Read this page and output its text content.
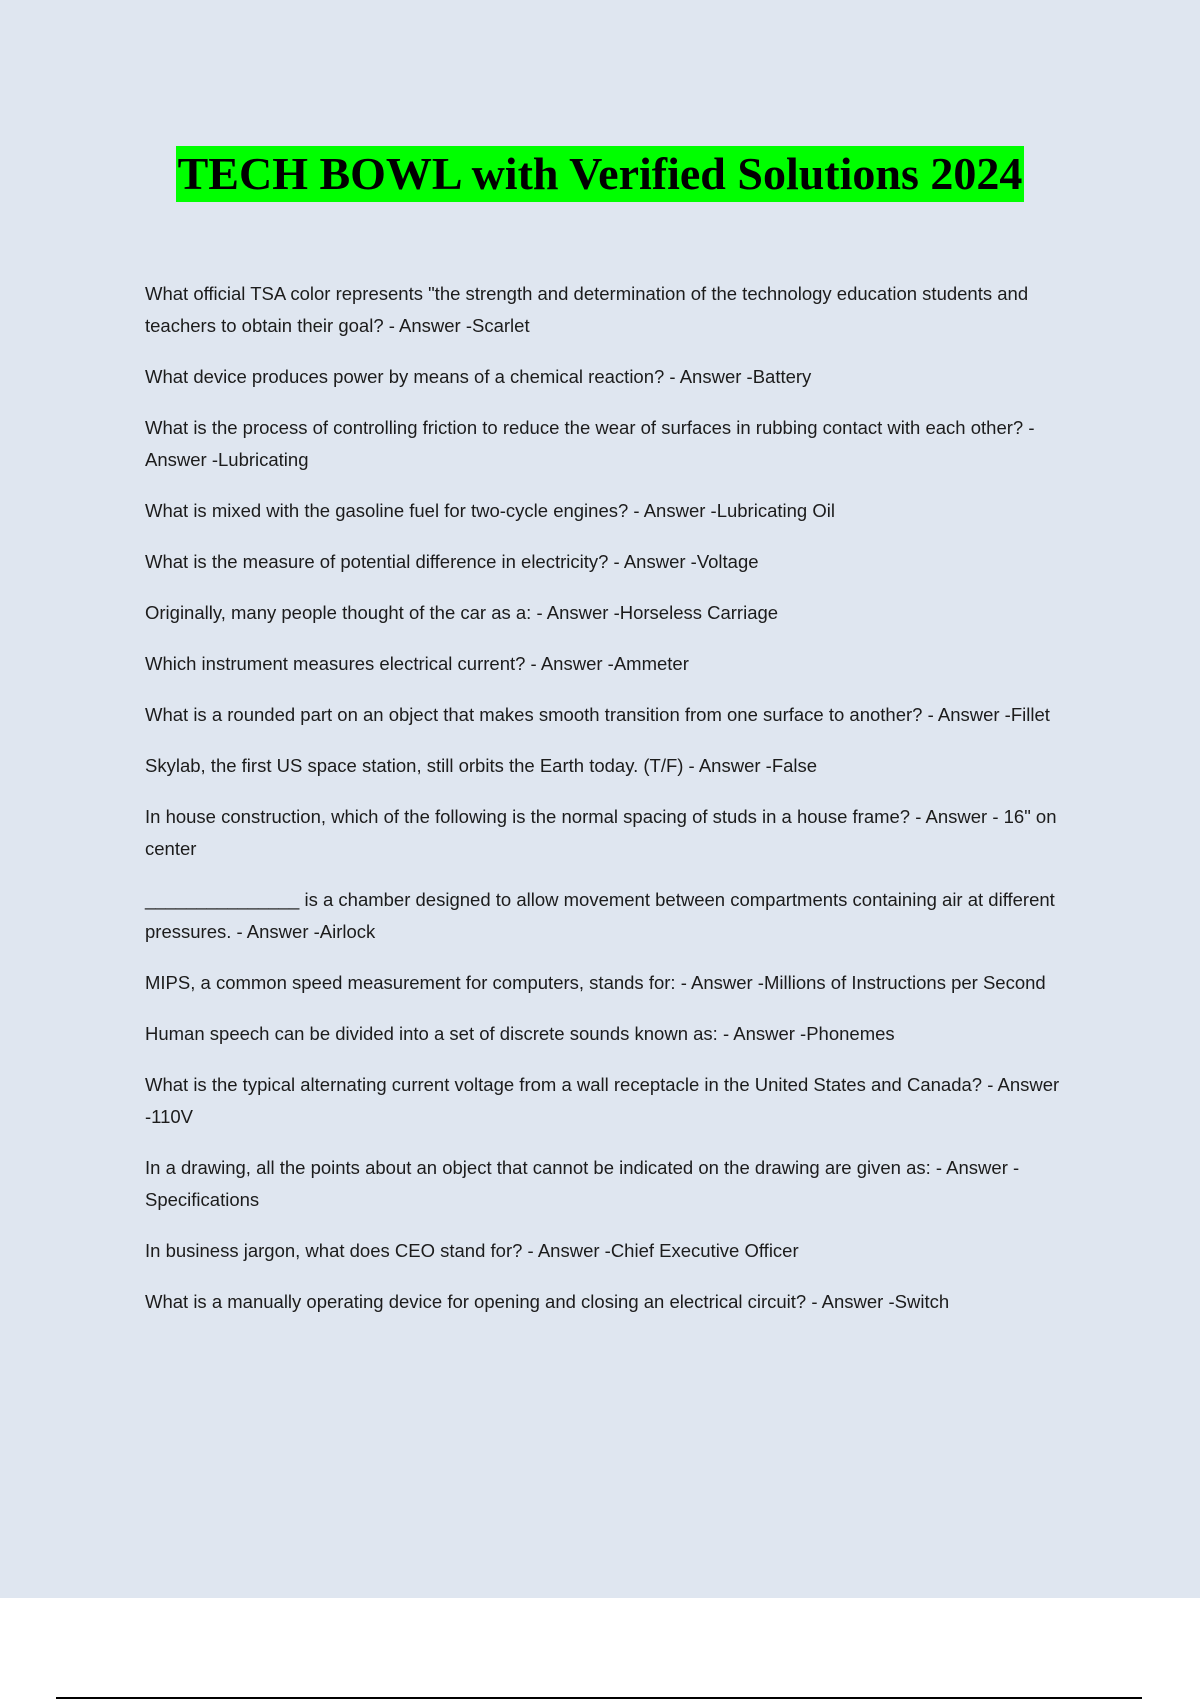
TECH BOWL with Verified Solutions 2024
What official TSA color represents "the strength and determination of the technology education students and teachers to obtain their goal? - Answer -Scarlet
What device produces power by means of a chemical reaction? - Answer -Battery
What is the process of controlling friction to reduce the wear of surfaces in rubbing contact with each other? - Answer -Lubricating
What is mixed with the gasoline fuel for two-cycle engines? - Answer -Lubricating Oil
What is the measure of potential difference in electricity? - Answer -Voltage
Originally, many people thought of the car as a: - Answer -Horseless Carriage
Which instrument measures electrical current? - Answer -Ammeter
What is a rounded part on an object that makes smooth transition from one surface to another? - Answer -Fillet
Skylab, the first US space station, still orbits the Earth today. (T/F) - Answer -False
In house construction, which of the following is the normal spacing of studs in a house frame? - Answer - 16" on center
_______________ is a chamber designed to allow movement between compartments containing air at different pressures. - Answer -Airlock
MIPS, a common speed measurement for computers, stands for: - Answer -Millions of Instructions per Second
Human speech can be divided into a set of discrete sounds known as: - Answer -Phonemes
What is the typical alternating current voltage from a wall receptacle in the United States and Canada? - Answer -110V
In a drawing, all the points about an object that cannot be indicated on the drawing are given as: - Answer -Specifications
In business jargon, what does CEO stand for? - Answer -Chief Executive Officer
What is a manually operating device for opening and closing an electrical circuit? - Answer -Switch
